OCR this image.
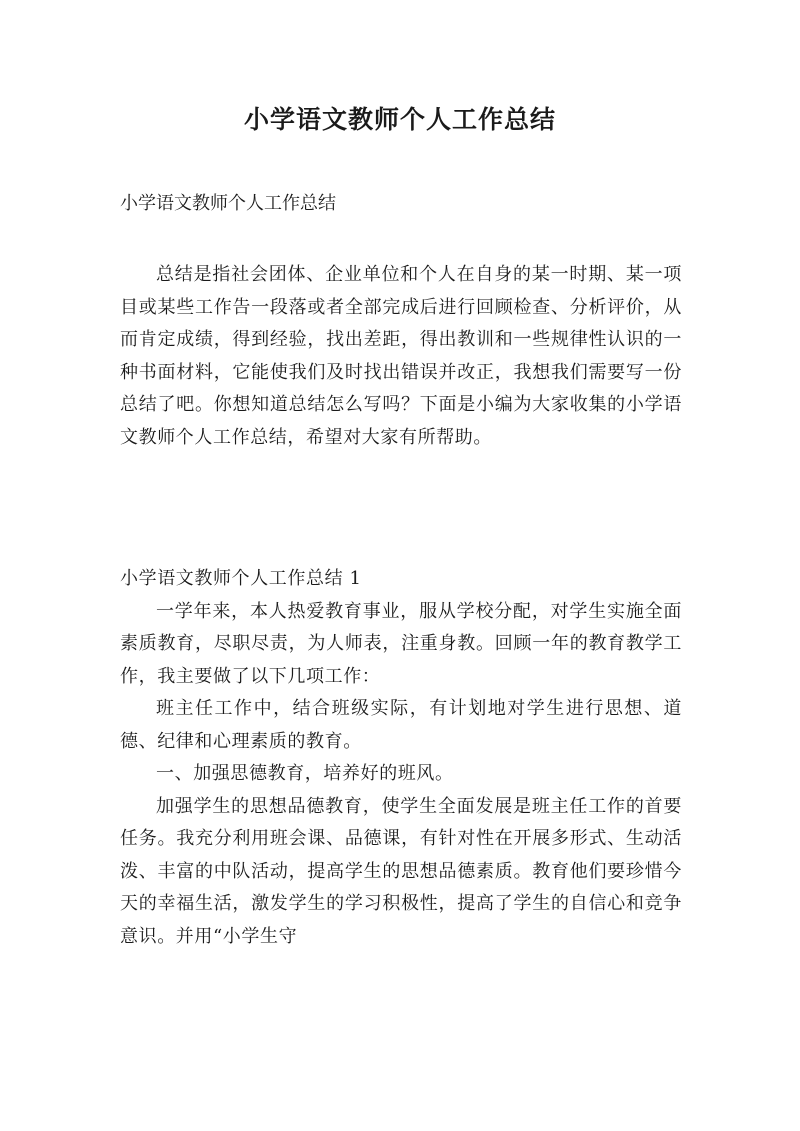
小学语文教师个人工作总结

小学语文教师个人工作总结

总结是指社会团体、企业单位和个人在自身的某一时期、某一项目或某些工作告一段落或者全部完成后进行回顾检查、分析评价，从而肯定成绩，得到经验，找出差距，得出教训和一些规律性认识的一种书面材料，它能使我们及时找出错误并改正，我想我们需要写一份总结了吧。你想知道总结怎么写吗？下面是小编为大家收集的小学语文教师个人工作总结，希望对大家有所帮助。

小学语文教师个人工作总结 1

一学年来，本人热爱教育事业，服从学校分配，对学生实施全面素质教育，尽职尽责，为人师表，注重身教。回顾一年的教育教学工作，我主要做了以下几项工作：

班主任工作中，结合班级实际，有计划地对学生进行思想、道德、纪律和心理素质的教育。

一、加强思德教育，培养好的班风。

加强学生的思想品德教育，使学生全面发展是班主任工作的首要任务。我充分利用班会课、品德课，有针对性在开展多形式、生动活泼、丰富的中队活动，提高学生的思想品德素质。教育他们要珍惜今天的幸福生活，激发学生的学习积极性，提高了学生的自信心和竞争意识。并用“小学生守
